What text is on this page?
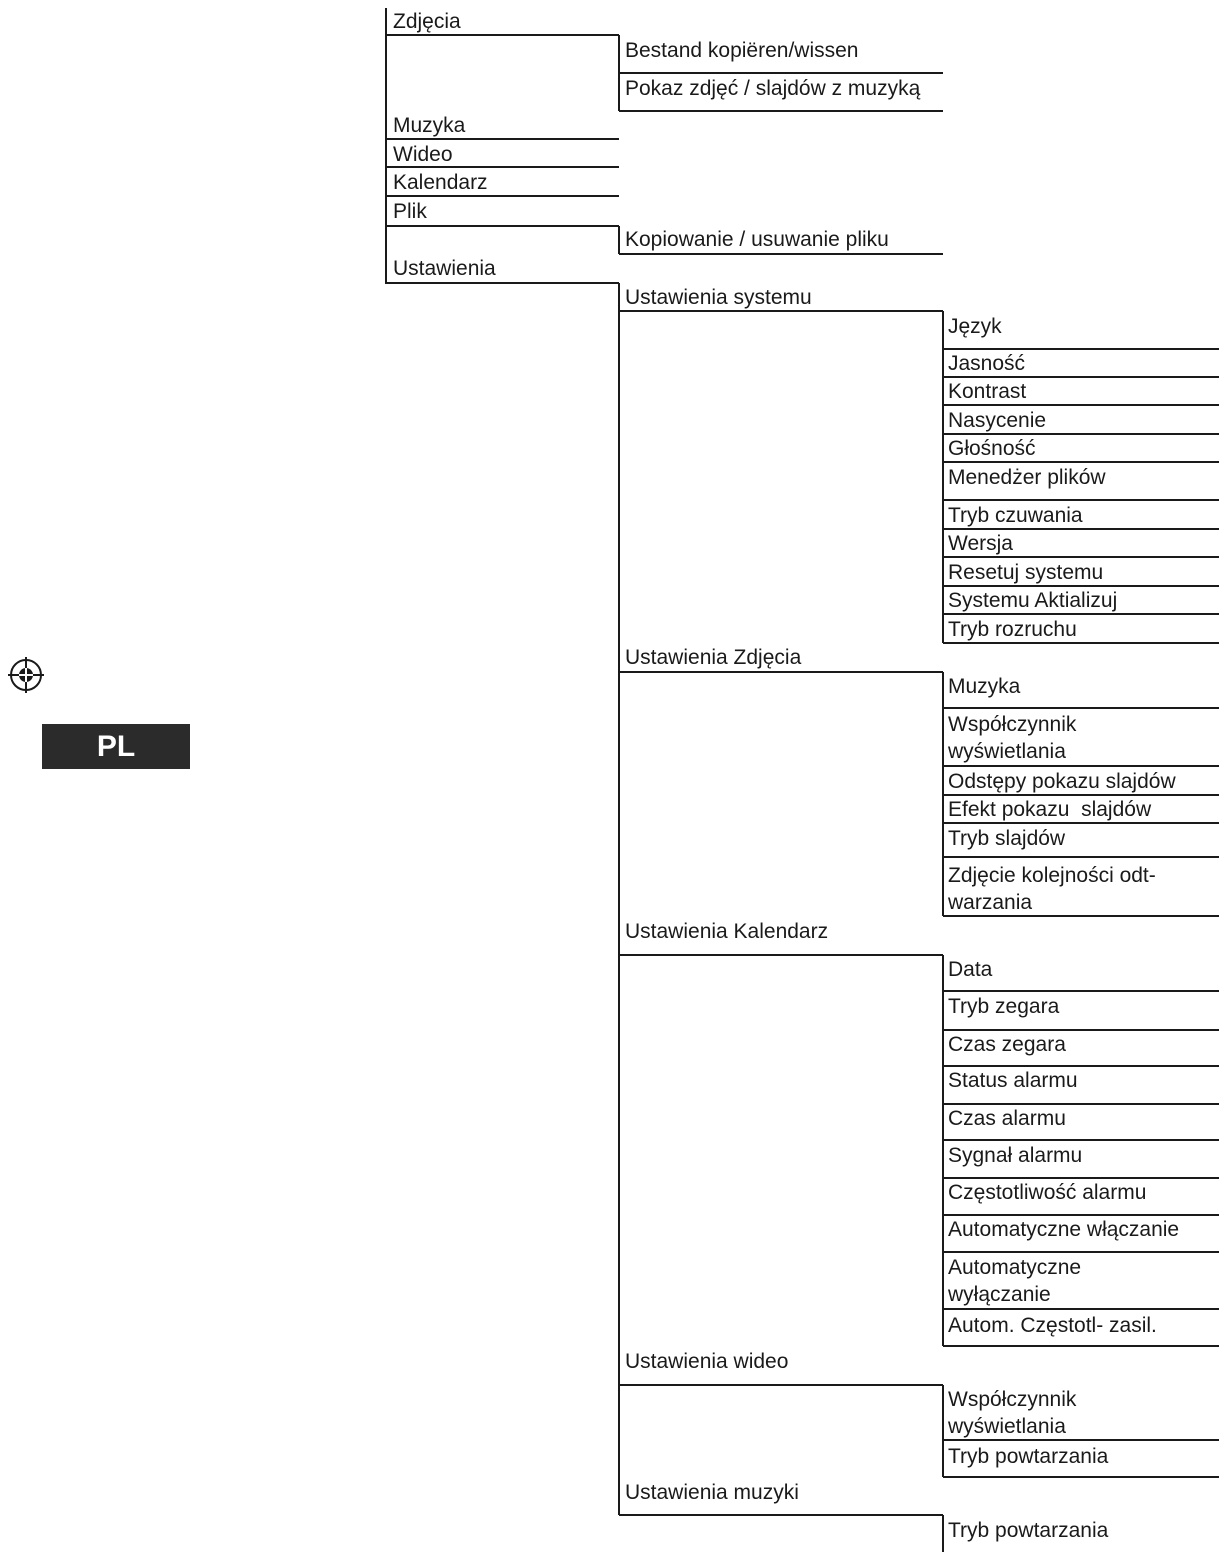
PL
Zdjęcia
Muzyka
Wideo
Kalendarz
Plik
Ustawienia
Bestand kopiëren/wissen
Pokaz zdjęć / slajdów z muzyką
Kopiowanie / usuwanie pliku
Ustawienia systemu
Ustawienia Zdjęcia
Ustawienia Kalendarz
Ustawienia wideo
Ustawienia muzyki
Język
Jasność
Kontrast
Nasycenie
Głośność
Menedżer plików
Tryb czuwania
Wersja
Resetuj systemu
Systemu Aktializuj
Tryb rozruchu
Muzyka
Współczynnik wyświetlania
Odstępy pokazu slajdów
Efekt pokazu  slajdów
Tryb slajdów
Zdjęcie kolejności odt-warzania
Data
Tryb zegara
Czas zegara
Status alarmu
Czas alarmu
Sygnał alarmu
Częstotliwość alarmu
Automatyczne włączanie
Automatyczne wyłączanie
Autom. Częstotl- zasil.
Współczynnik wyświetlania
Tryb powtarzania
Tryb powtarzania
